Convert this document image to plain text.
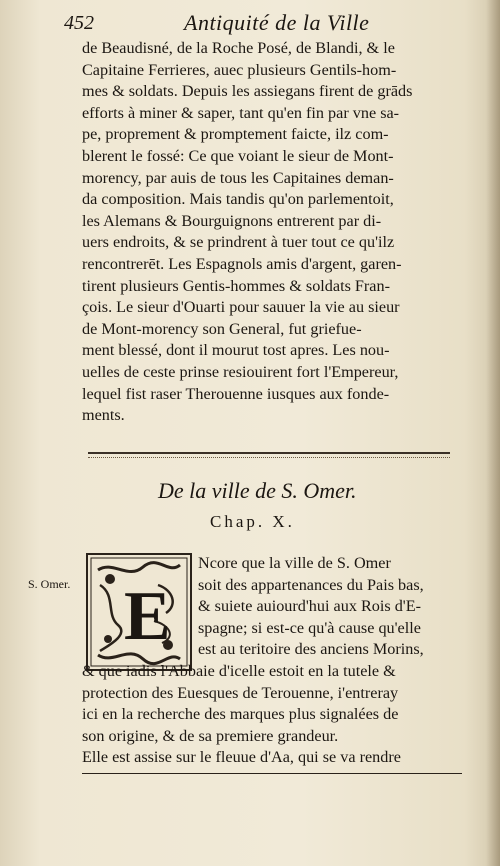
452	Antiquité de la Ville
de Beaudisné, de la Roche Posé, de Blandi, & le
Capitaine Ferrieres, auec plusieurs Gentils-hom-
mes & soldats. Depuis les assiegans firent de grāds
efforts à miner & saper, tant qu'en fin par vne sa-
pe, proprement & promptement faicte, ilz com-
blerent le fossé: Ce que voiant le sieur de Mont-
morency, par auis de tous les Capitaines deman-
da composition. Mais tandis qu'on parlementoit,
les Alemans & Bourguignons entrerent par di-
uers endroits, & se prindrent à tuer tout ce qu'ilz
rencontrerēt. Les Espagnols amis d'argent, garen-
tirent plusieurs Gentis-hommes & soldats Fran-
çois. Le sieur d'Ouarti pour sauuer la vie au sieur
de Mont-morency son General, fut griefue-
ment blessé, dont il mourut tost apres. Les nou-
uelles de ceste prinse resiouirent fort l'Empereur,
lequel fist raser Therouenne iusques aux fonde-
ments.
De la ville de S. Omer.
Chap. X.
S. Omer. E
Ncore que la ville de S. Omer
soit des appartenances du Pais bas,
& suiete auiourd'hui aux Rois d'E-
spagne; si est-ce qu'à cause qu'elle
est au teritoire des anciens Morins,
& que iadis l'Abbaie d'icelle estoit en la tutele &
protection des Euesques de Terouenne, i'entreray
ici en la recherche des marques plus signalées de
son origine, & de sa premiere grandeur.
Elle est assise sur le fleuue d'Aa, qui se va rendre
